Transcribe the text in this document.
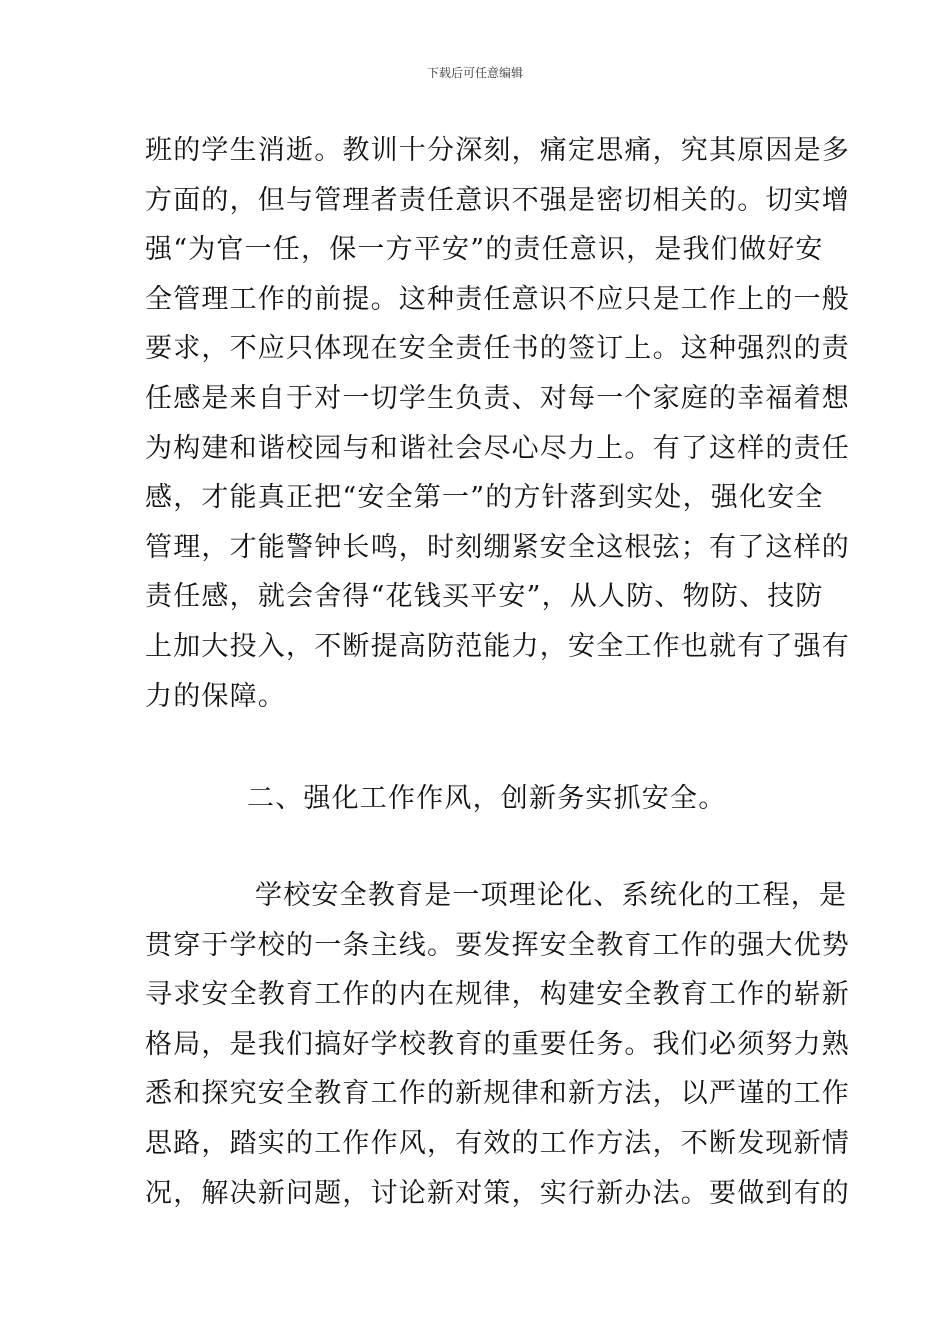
下载后可任意编辑
班的学生消逝。教训十分深刻，痛定思痛，究其原因是多
方面的，但与管理者责任意识不强是密切相关的。切实增
强“为官一任，保一方平安”的责任意识，是我们做好安
全管理工作的前提。这种责任意识不应只是工作上的一般
要求，不应只体现在安全责任书的签订上。这种强烈的责
任感是来自于对一切学生负责、对每一个家庭的幸福着想
为构建和谐校园与和谐社会尽心尽力上。有了这样的责任
感，才能真正把“安全第一”的方针落到实处，强化安全
管理，才能警钟长鸣，时刻绷紧安全这根弦；有了这样的
责任感，就会舍得“花钱买平安”，从人防、物防、技防
上加大投入，不断提高防范能力，安全工作也就有了强有
力的保障。
二、强化工作作风，创新务实抓安全。
学校安全教育是一项理论化、系统化的工程，是
贯穿于学校的一条主线。要发挥安全教育工作的强大优势
寻求安全教育工作的内在规律，构建安全教育工作的崭新
格局，是我们搞好学校教育的重要任务。我们必须努力熟
悉和探究安全教育工作的新规律和新方法，以严谨的工作
思路，踏实的工作作风，有效的工作方法，不断发现新情
况，解决新问题，讨论新对策，实行新办法。要做到有的
